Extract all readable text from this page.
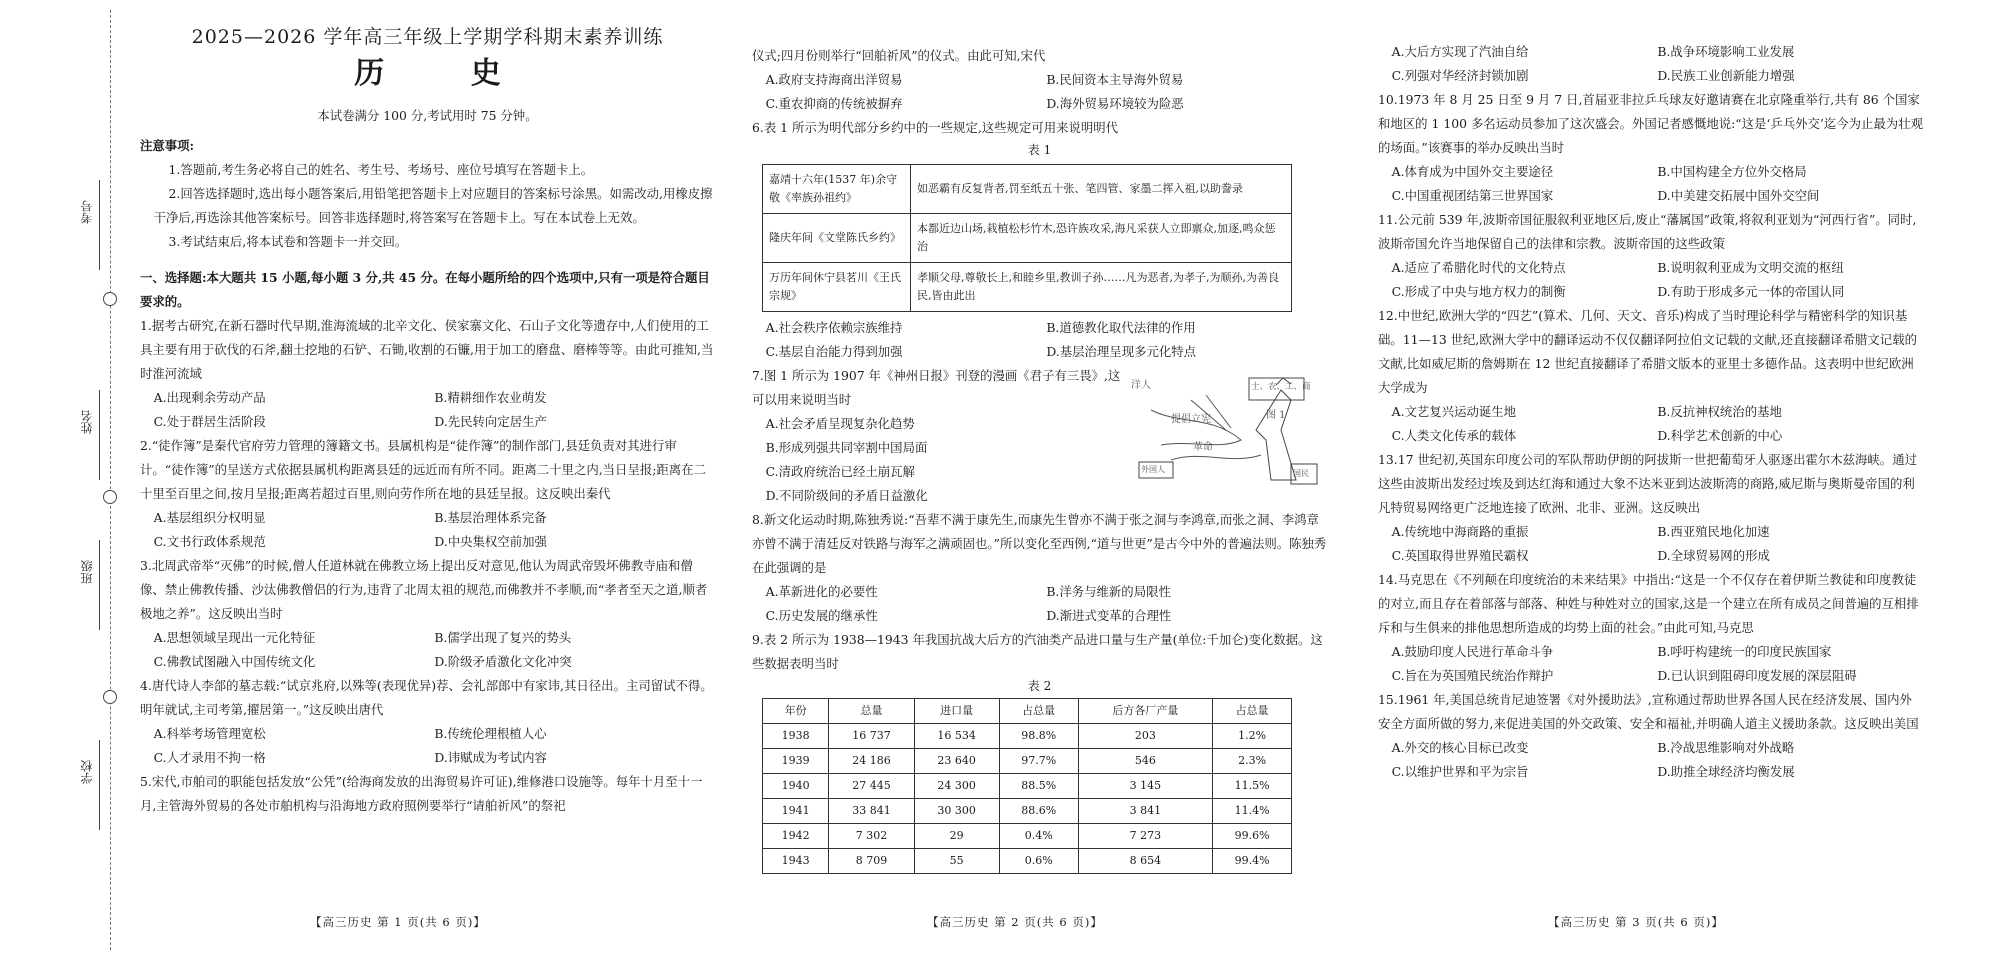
考号
姓名
班级
学校
2025—2026 学年高三年级上学期学科期末素养训练
历 史
本试卷满分 100 分,考试用时 75 分钟。
注意事项:

1.答题前,考生务必将自己的姓名、考生号、考场号、座位号填写在答题卡上。

2.回答选择题时,选出每小题答案后,用铅笔把答题卡上对应题目的答案标号涂黑。如需改动,用橡皮擦干净后,再选涂其他答案标号。回答非选择题时,将答案写在答题卡上。写在本试卷上无效。

3.考试结束后,将本试卷和答题卡一并交回。

一、选择题:本大题共 15 小题,每小题 3 分,共 45 分。在每小题所给的四个选项中,只有一项是符合题目要求的。

1.据考古研究,在新石器时代早期,淮海流域的北辛文化、侯家寨文化、石山子文化等遗存中,人们使用的工具主要有用于砍伐的石斧,翻土挖地的石铲、石锄,收割的石镰,用于加工的磨盘、磨棒等等。由此可推知,当时淮河流域

A.出现剩余劳动产品	B.精耕细作农业萌发
C.处于群居生活阶段	D.先民转向定居生产

2.“徒作簿”是秦代官府劳力管理的簿籍文书。县属机构是“徒作簿”的制作部门,县廷负责对其进行审计。“徒作簿”的呈送方式依据县属机构距离县廷的远近而有所不同。距离二十里之内,当日呈报;距离在二十里至百里之间,按月呈报;距离若超过百里,则向劳作所在地的县廷呈报。这反映出秦代

A.基层组织分权明显	B.基层治理体系完备
C.文书行政体系规范	D.中央集权空前加强

3.北周武帝举“灭佛”的时候,僧人任道林就在佛教立场上提出反对意见,他认为周武帝毁坏佛教寺庙和僧像、禁止佛教传播、沙汰佛教僧侣的行为,违背了北周太祖的规范,而佛教并不孝顺,而“孝者至天之道,顺者极地之养”。这反映出当时

A.思想领域呈现出一元化特征	B.儒学出现了复兴的势头
C.佛教试图融入中国传统文化	D.阶级矛盾激化文化冲突

4.唐代诗人李郃的墓志载:“试京兆府,以殊等(表现优异)荐、会礼部郎中有家讳,其日径出。主司留试不得。明年就试,主司考第,擢居第一。”这反映出唐代

A.科举考场管理宽松	B.传统伦理根植人心
C.人才录用不拘一格	D.讳赋成为考试内容

5.宋代,市舶司的职能包括发放“公凭”(给海商发放的出海贸易许可证),维修港口设施等。每年十月至十一月,主管海外贸易的各处市舶机构与沿海地方政府照例要举行“请舶祈风”的祭祀

【高三历史 第 1 页(共 6 页)】

仪式;四月份则举行“回舶祈风”的仪式。由此可知,宋代

A.政府支持海商出洋贸易	B.民间资本主导海外贸易
C.重农抑商的传统被摒弃	D.海外贸易环境较为险恶

6.表 1 所示为明代部分乡约中的一些规定,这些规定可用来说明明代

表 1
嘉靖十六年(1537 年)余守敬《率族孙祖约》	如恶霸有反复背者,罚至纸五十张、笔四管、家墨二挥入祖,以助誊录
隆庆年间《文堂陈氏乡约》	本都近边山场,栽植松杉竹木,恐许族攻采,海凡采获人立即禀众,加逐,鸣众惩治
万历年间休宁县茗川《王氏宗规》	孝顺父母,尊敬长上,和睦乡里,教训子孙……凡为恶者,为孝子,为顺孙,为善良民,皆由此出
A.社会秩序依赖宗族维持	B.道德教化取代法律的作用
C.基层自治能力得到加强	D.基层治理呈现多元化特点

7.图 1 所示为 1907 年《神州日报》刊登的漫画《君子有三畏》,这可以用来说明当时

A.社会矛盾呈现复杂化趋势
B.形成列强共同宰割中国局面
C.清政府统治已经土崩瓦解
D.不同阶级间的矛盾日益激化

8.新文化运动时期,陈独秀说:“吾辈不满于康先生,而康先生曾亦不满于张之洞与李鸿章,而张之洞、李鸿章亦曾不满于清廷反对铁路与海军之满顽固也。”所以变化至西例,“道与世更”是古今中外的普遍法则。陈独秀在此强调的是

A.革新进化的必要性	B.洋务与维新的局限性
C.历史发展的继承性	D.渐进式变革的合理性

9.表 2 所示为 1938—1943 年我国抗战大后方的汽油类产品进口量与生产量(单位:千加仑)变化数据。这些数据表明当时

表 2
年份	总量	进口量	占总量	后方各厂产量	占总量
1938	16 737	16 534	98.8%	203	1.2%
1939	24 186	23 640	97.7%	546	2.3%
1940	27 445	24 300	88.5%	3 145	11.5%
1941	33 841	30 300	88.6%	3 841	11.4%
1942	7 302	29	0.4%	7 273	99.6%
1943	8 709	55	0.6%	8 654	99.4%
【高三历史 第 2 页(共 6 页)】
洋人	士、农、工、商
提倡立宪
革命
外国人	国民
图 1
A.大后方实现了汽油自给	B.战争环境影响工业发展
C.列强对华经济封锁加剧	D.民族工业创新能力增强

10.1973 年 8 月 25 日至 9 月 7 日,首届亚非拉乒乓球友好邀请赛在北京隆重举行,共有 86 个国家和地区的 1 100 多名运动员参加了这次盛会。外国记者感慨地说:“这是‘乒乓外交’迄今为止最为壮观的场面。”该赛事的举办反映出当时

A.体育成为中国外交主要途径	B.中国构建全方位外交格局
C.中国重视团结第三世界国家	D.中美建交拓展中国外交空间

11.公元前 539 年,波斯帝国征服叙利亚地区后,废止“藩属国”政策,将叙利亚划为“河西行省”。同时,波斯帝国允许当地保留自己的法律和宗教。波斯帝国的这些政策

A.适应了希腊化时代的文化特点	B.说明叙利亚成为文明交流的枢纽
C.形成了中央与地方权力的制衡	D.有助于形成多元一体的帝国认同

12.中世纪,欧洲大学的“四艺”(算术、几何、天文、音乐)构成了当时理论科学与精密科学的知识基础。11—13 世纪,欧洲大学中的翻译运动不仅仅翻译阿拉伯文记载的文献,还直接翻译希腊文记载的文献,比如威尼斯的詹姆斯在 12 世纪直接翻译了希腊文版本的亚里士多德作品。这表明中世纪欧洲大学成为

A.文艺复兴运动诞生地	B.反抗神权统治的基地
C.人类文化传承的载体	D.科学艺术创新的中心

13.17 世纪初,英国东印度公司的军队帮助伊朗的阿拔斯一世把葡萄牙人驱逐出霍尔木兹海峡。通过这些由波斯出发经过埃及到达红海和通过大象不达米亚到达波斯湾的商路,威尼斯与奥斯曼帝国的利凡特贸易网络更广泛地连接了欧洲、北非、亚洲。这反映出

A.传统地中海商路的重振	B.西亚殖民地化加速
C.英国取得世界殖民霸权	D.全球贸易网的形成

14.马克思在《不列颠在印度统治的未来结果》中指出:“这是一个不仅存在着伊斯兰教徒和印度教徒的对立,而且存在着部落与部落、种姓与种姓对立的国家,这是一个建立在所有成员之间普遍的互相排斥和与生俱来的排他思想所造成的均势上面的社会。”由此可知,马克思

A.鼓励印度人民进行革命斗争	B.呼吁构建统一的印度民族国家
C.旨在为英国殖民统治作辩护	D.已认识到阻碍印度发展的深层阻碍

15.1961 年,美国总统肯尼迪签署《对外援助法》,宣称通过帮助世界各国人民在经济发展、国内外安全方面所做的努力,来促进美国的外交政策、安全和福祉,并明确人道主义援助条款。这反映出美国

A.外交的核心目标已改变	B.冷战思维影响对外战略
C.以维护世界和平为宗旨	D.助推全球经济均衡发展
【高三历史 第 3 页(共 6 页)】
